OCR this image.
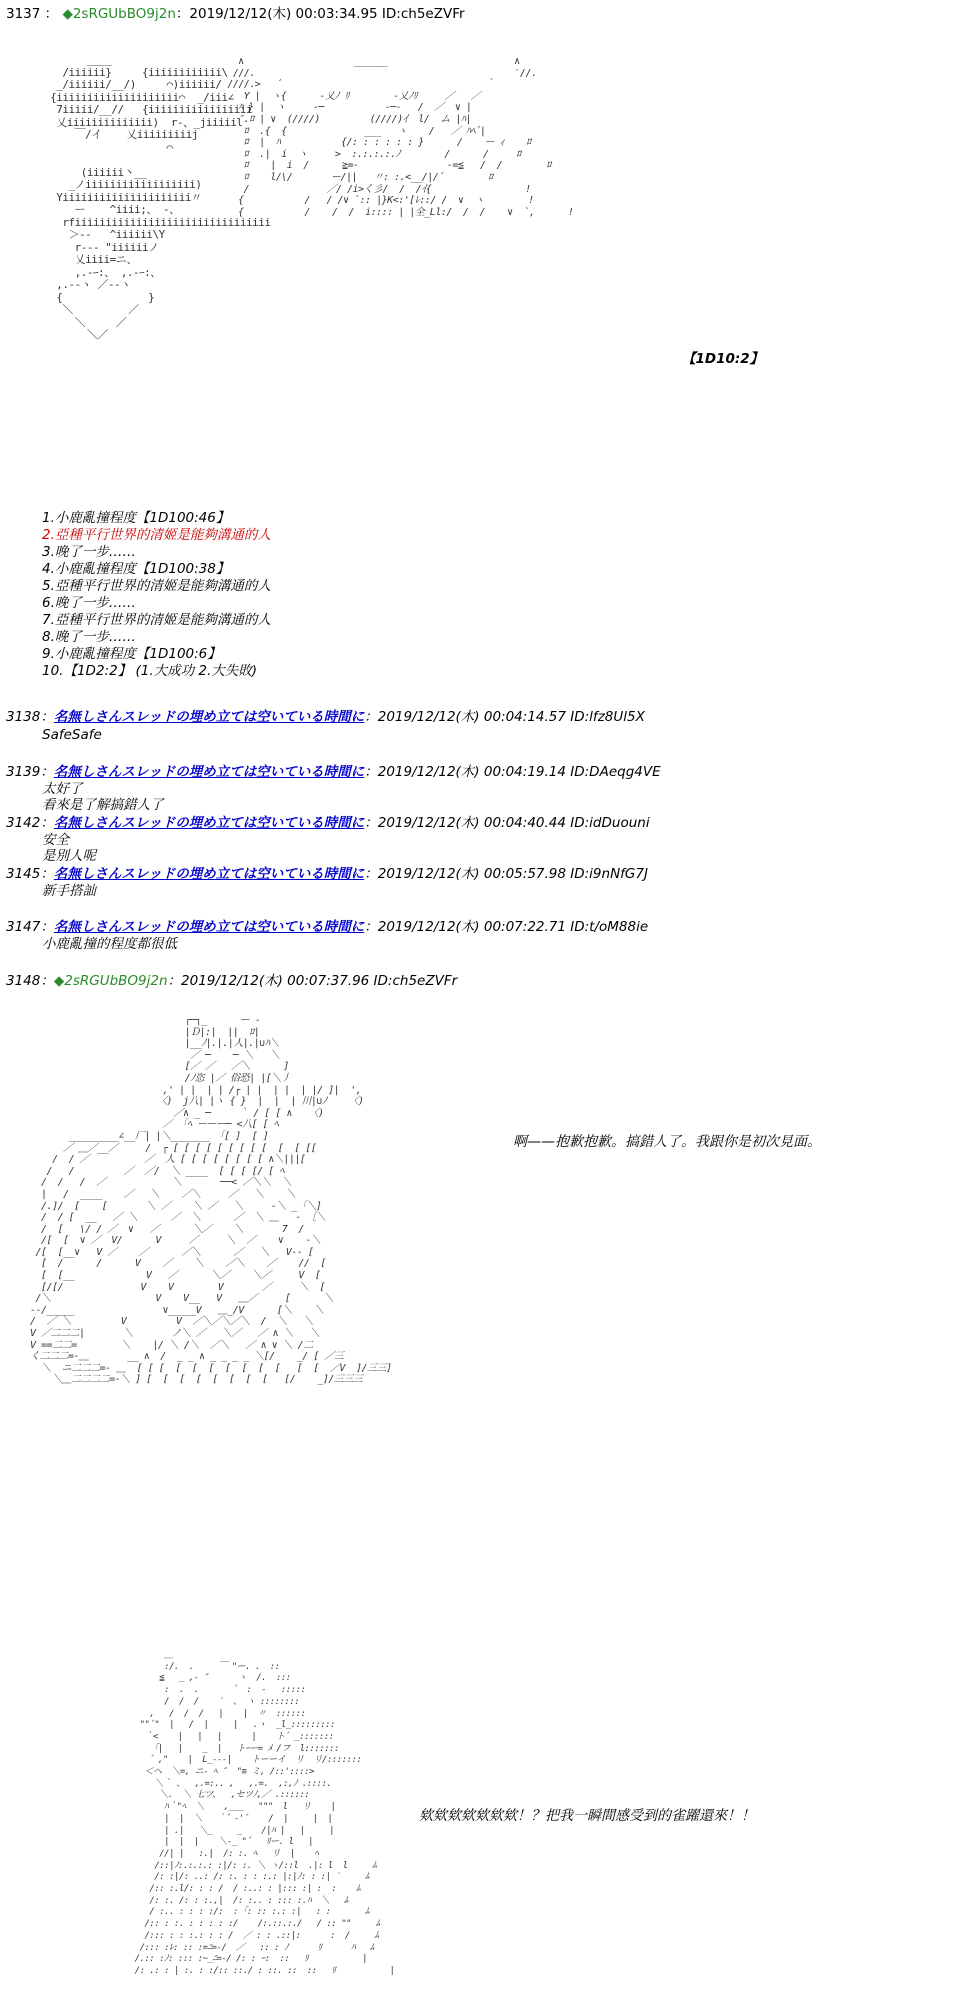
3137 ： ◆2sRGUbBO9j2n：2019/12/12(木) 00:03:34.95 ID:ch5eZVFr
____
/iiiiii}     {iiiiiiiiiiii\
_/iiiiii/__/)     ⌒)iiiiii/
{iiiiiiiiiiiiiiiiiiii⌒  _/iii∠
7iiiii/__//   {iiiiiiiiiiiiiiiii
乂iiiiiiiiiiiiii)  r‐、_jiiiiil
￣/イ    乂iiiiiiiiij
⌒

(iiiiii丶__
_ノiiiiiiiiiiiiiiiiii)
Yiiiiiiiiiiiiiiiiiiiii〃
ー    ^iiii;、 ‐、
rfiiiiiiiiiiiiiiiiiiiiiiiiiiiiiiii
＞‐‐   ^iiiiii\Y
r‐‐‐ "iiiiiiノ
乂iiii=ニ、
,.‐ｰ:、 ,.‐ｰ:、
,.‐‐ヽ ／‐‐ヽ
{              }
＼         ／
＼     ／
＼／
∧                    ______                       ∧
///.                                               ′//.
////.>   ´                                     ｀
Y |  ヽ{      ‐乂ﾉ ﾘ        ‐乂ﾉﾘ     ／   ／
ﾊ } |  ヽ     ‐─           ‐─‐   /  ／  ∨ |
″.ﾛ | ∨  (////)         (////)ｲ  l/  ム |ﾊ|
ﾛ  .{  {              ___   ヽ    /   ／ ﾊﾍﾞ|
ﾛ  |  ﾊ           {/: : : : : : }      /    ー ｨ    ﾛ
ﾛ  .|  i  ヽ     >  :.:.:.:.ﾉ        /      /     ﾛ
ﾛ    |  i  /      ≧=‐                ‐=≦   /  /        ﾛ
ﾛ    l/\/       ー/||   〃: :.<__/|/´        ﾛ
/              ／/ /i>く彡/  /  /ｲ{                 !
{           /   / /∨ `:: |}K<:'[ﾚ::/ /  ∨  ヽ        !
{           /    /  /  i:::: | |全_Ll:/  /  /    ∨  `,      !
【1D10:2】
1.小鹿亂撞程度【1D100:46】
2.亞種平行世界的清姬是能夠溝通的人
3.晚了一步……
4.小鹿亂撞程度【1D100:38】
5.亞種平行世界的清姬是能夠溝通的人
6.晚了一步……
7.亞種平行世界的清姬是能夠溝通的人
8.晚了一步……
9.小鹿亂撞程度【1D100:6】
10.【1D2:2】 (1.大成功 2.大失敗)
3138：名無しさんスレッドの埋め立ては空いている時間に：2019/12/12(木) 00:04:14.57 ID:lfz8Ul5X
SafeSafe
3139：名無しさんスレッドの埋め立ては空いている時間に：2019/12/12(木) 00:04:19.14 ID:DAeqg4VE
太好了
看來是了解搞錯人了
3142：名無しさんスレッドの埋め立ては空いている時間に：2019/12/12(木) 00:04:40.44 ID:idDuouni
安全
是別人呢
3145：名無しさんスレッドの埋め立ては空いている時間に：2019/12/12(木) 00:05:57.98 ID:i9nNfG7J
新手搭訕
3147：名無しさんスレッドの埋め立ては空いている時間に：2019/12/12(木) 00:07:22.71 ID:t/oM88ie
小鹿亂撞的程度都很低
3148：◆2sRGUbBO9j2n：2019/12/12(木) 00:07:37.96 ID:ch5eZVFr
┌─┐_      ー ‐
|Ｄ|:|  ||  ﾛ|
|__ﾉ|.|.|人|.|∪ﾊ＼
／ ─    ─ ＼   ＼
[／ ／   ／＼      ]
/ﾉ恣 |／ 俗恐| |[＼丿
,' | |  | | /┌ | |  | |  | |/ ]|  ',
〈)  j八| |ヽ { }  |  |  | 川|∪ﾉ    〈)
／∧ _ ─     ｀ / [ [ ∧   〈)
／ 「ﾍ ーーー─ <八[ [ ﾍ
_________∠__厂| |＼_______ 「[ ]  [ ]
／ ＿／__／     /  ┌ [ [ [ [ [ [ [ [ [  [  [ [[
/  / ／          ／  人 [ [ [ [ [ [ [ [ ∧＼|||[
/   /         ／  ／/  ＼ ____  [ [ [ [/ [ ﾍ
/  /   /  ／            ＼       ──< ／＼＼  ＼
|   /  ____    ／   ＼    ／＼     ／   ＼    ＼
/.]/  [    [       ＼ ／    ＼ ／   ＼     ‐＼ _「＼]
/  / [  __   ／ ＼      ／  ＼      ／  ＼ ＿   ‐ ［＼
/  [   \/ / ／  ∨   ／      ＼／    ＼       7  /
/[  [  ∨ ／  V/      V     ／     ＼  ／    ∨    ‐＼
/[  [__∨   V ／    ／      ／＼      ／   ＼   V‐‐ [
[  /      /      V    ／    ＼    ／＼    ／    //  [
[  [__             V   ／      ＼／    ＼／     V  [
[/[/              V    V        V       ／     ＼  [
/＼                   V    V__   V   ＿／     [      ＼
--/_____                ∨_____V   ＿_/V      [＼    ＼
/  ／ ＼         V         V  ／＼／＼／＼  /  ＼   ＼
V ／二二二|       ＼       ノ＼ ／   ＼／   ／ ∧ ＼   ＼
V ==二二=        ＼    |/ ＼ /＼  ／＼   ／ ∧ ∨ ＼ /二
く二二二=-＿       __ ∧  /  _ _ ∧ _ _ _ _ ＼[/    _/ [ ／三
＼  ニ二二二=- ＿  [ [ [  [  [  [  [  [  [  [   [  [  ／V  ]/三三]
＼＿二二二二=-＼ ] [  [  [  [  [  [  [  [   [/    _]/三三三
啊——抱歉抱歉。搞錯人了。我跟你是初次見面。
＿
:/.  .     ￣ "ー. .  ::
≦   _ ,‐ ″      ヽ  /.  :::
:  .  .       ゛ :  -   :::::
/  /  /    ′  、 ヽ ::::::::
,   /  /  /   |    |  〃  ::::::
""´"  |   /  |     |   .ヽ  _l_:::::::::
｀<    |   |   |      |    ト´ _:::::::
「|   |    _  |   トｰー= ﾒ /フ  l:::::::
゛,"    |  L_‐‐‐|    トーーイ  リ  リ/:::::::
＜ヘ  ＼=, ニ- ﾍ ″  "≡ ミ, /::'::::>
＼｀ 、  ,.=:.. ,   ,.=.  ,:,ﾉ .::::.
＼.  ＼ 七ツ、  ,セツﾉ,／ .::::::
ﾊ｀"ﾍ  ＼    ,___   """  l   リ    |
|  |  ＼   ｀゛-'´    /  |     |  |
| .|   ＼_     _    /|ﾊ |   |     |
|  |  |    ＼‐_ "´   ﾘー. l   |
//| |   :.|  /: :. ﾍ   リ  |    ﾍ
/::|ﾉ:.:.:.: :|/: :. ＼ ヽ/::l  .|: l  l     ﾑ
/: :|/: ..: /: :. : : :.: |:|ﾉ: : :| ′     ﾑ
/:: :.l/: : : /  / :..: : |::: :| :  :    ﾑ
/: :. /: : :.,|  /: :.. : ::: :.ﾊ  ＼   ﾑ
/ :.. : : : :/:  : ｢: :: :.: :|   : :       ﾑ
/:: : :. : : : : :/    /:.::.:./   / :: ""     ﾑ
/::: : : :.: : : /  ／ : : .::|:      :  /     ﾑ
/::: :ﾚ: :: :=ﾆ=-/  ／   :: : ﾉ      ﾘ      ﾊ   ﾑ
/.:: :ﾉ: ::: :~_ﾆ=-/ /: : ｰ:  ::   ﾘ           |
/: .: : | :. : :/:: ::./ : ::. ::  ::   ﾘ           |
欸欸欸欸欸欸欸！？把我一瞬間感受到的雀躍還來！！
